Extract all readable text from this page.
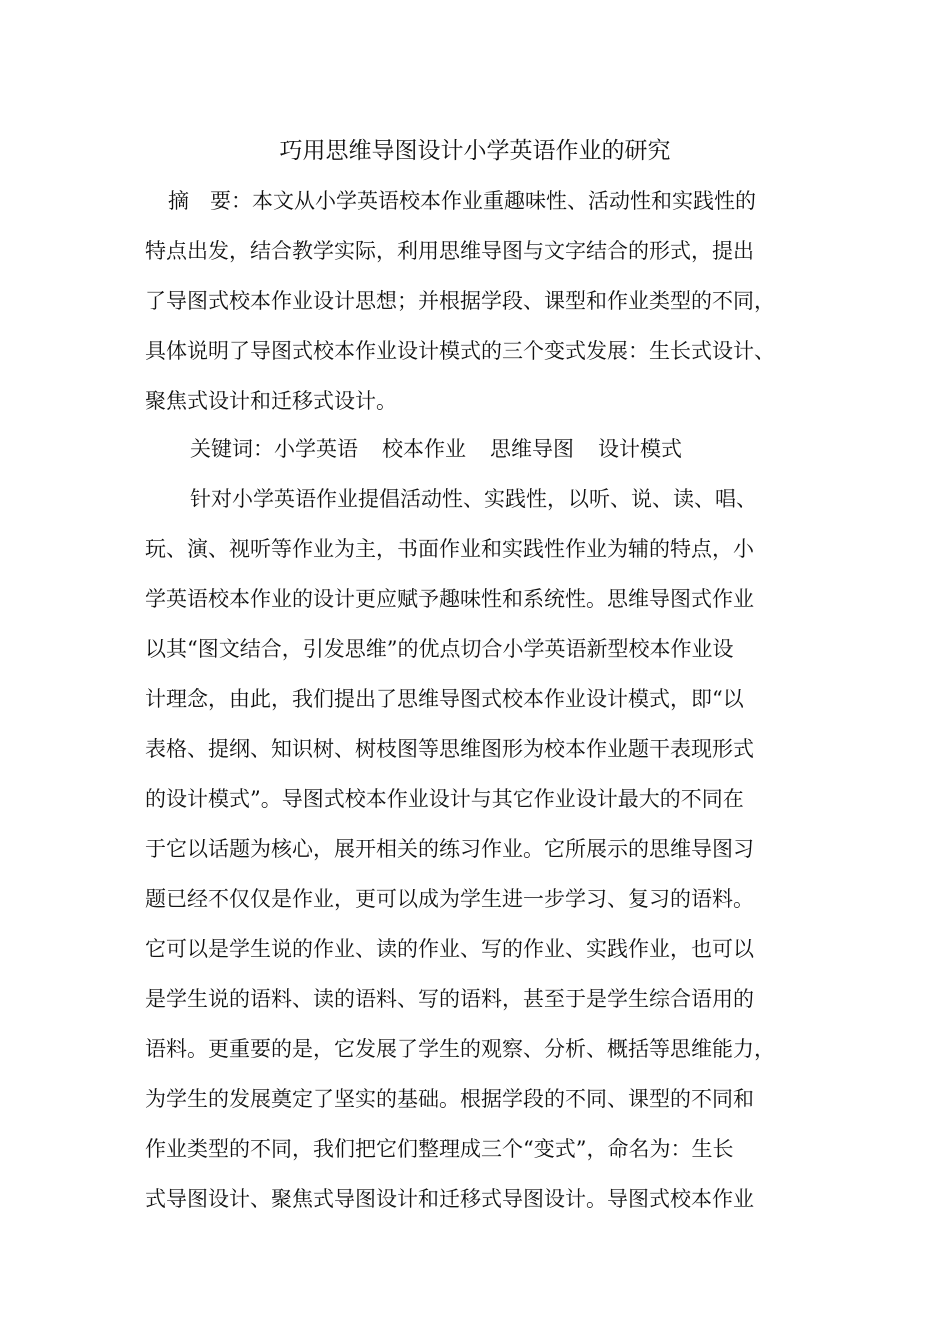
巧用思维导图设计小学英语作业的研究
摘　要：本文从小学英语校本作业重趣味性、活动性和实践性的
特点出发，结合教学实际，利用思维导图与文字结合的形式，提出
了导图式校本作业设计思想；并根据学段、课型和作业类型的不同，
具体说明了导图式校本作业设计模式的三个变式发展：生长式设计、
聚焦式设计和迁移式设计。
关键词：小学英语 校本作业 思维导图 设计模式
针对小学英语作业提倡活动性、实践性，以听、说、读、唱、
玩、演、视听等作业为主，书面作业和实践性作业为辅的特点，小
学英语校本作业的设计更应赋予趣味性和系统性。思维导图式作业
以其“图文结合，引发思维”的优点切合小学英语新型校本作业设
计理念，由此，我们提出了思维导图式校本作业设计模式，即“以
表格、提纲、知识树、树枝图等思维图形为校本作业题干表现形式
的设计模式”。导图式校本作业设计与其它作业设计最大的不同在
于它以话题为核心，展开相关的练习作业。它所展示的思维导图习
题已经不仅仅是作业，更可以成为学生进一步学习、复习的语料。
它可以是学生说的作业、读的作业、写的作业、实践作业，也可以
是学生说的语料、读的语料、写的语料，甚至于是学生综合语用的
语料。更重要的是，它发展了学生的观察、分析、概括等思维能力，
为学生的发展奠定了坚实的基础。根据学段的不同、课型的不同和
作业类型的不同，我们把它们整理成三个“变式”，命名为：生长
式导图设计、聚焦式导图设计和迁移式导图设计。导图式校本作业
